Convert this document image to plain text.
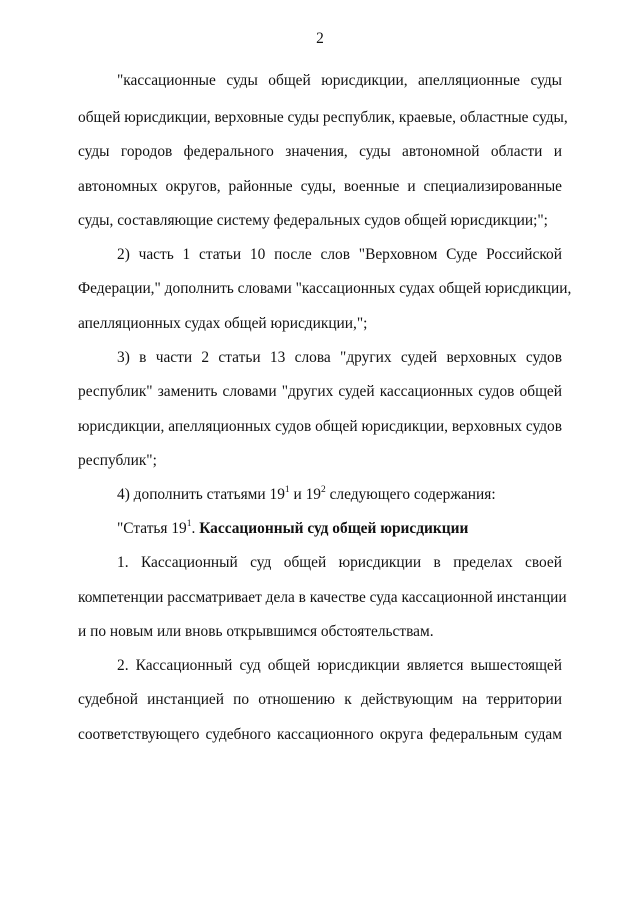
2
"кассационные суды общей юрисдикции, апелляционные суды
общей юрисдикции, верховные суды республик, краевые, областные суды,
суды городов федерального значения, суды автономной области и
автономных округов, районные суды, военные и специализированные
суды, составляющие систему федеральных судов общей юрисдикции;";
2) часть 1 статьи 10 после слов "Верховном Суде Российской
Федерации," дополнить словами "кассационных судах общей юрисдикции,
апелляционных судах общей юрисдикции,";
3) в части 2 статьи 13 слова "других судей верховных судов
республик" заменить словами "других судей кассационных судов общей
юрисдикции, апелляционных судов общей юрисдикции, верховных судов
республик";
4) дополнить статьями $19^1$ и $19^2$ следующего содержания:
"Статья $19^1$. Кассационный суд общей юрисдикции
1. Кассационный суд общей юрисдикции в пределах своей
компетенции рассматривает дела в качестве суда кассационной инстанции
и по новым или вновь открывшимся обстоятельствам.
2. Кассационный суд общей юрисдикции является вышестоящей
судебной инстанцией по отношению к действующим на территории
соответствующего судебного кассационного округа федеральным судам
